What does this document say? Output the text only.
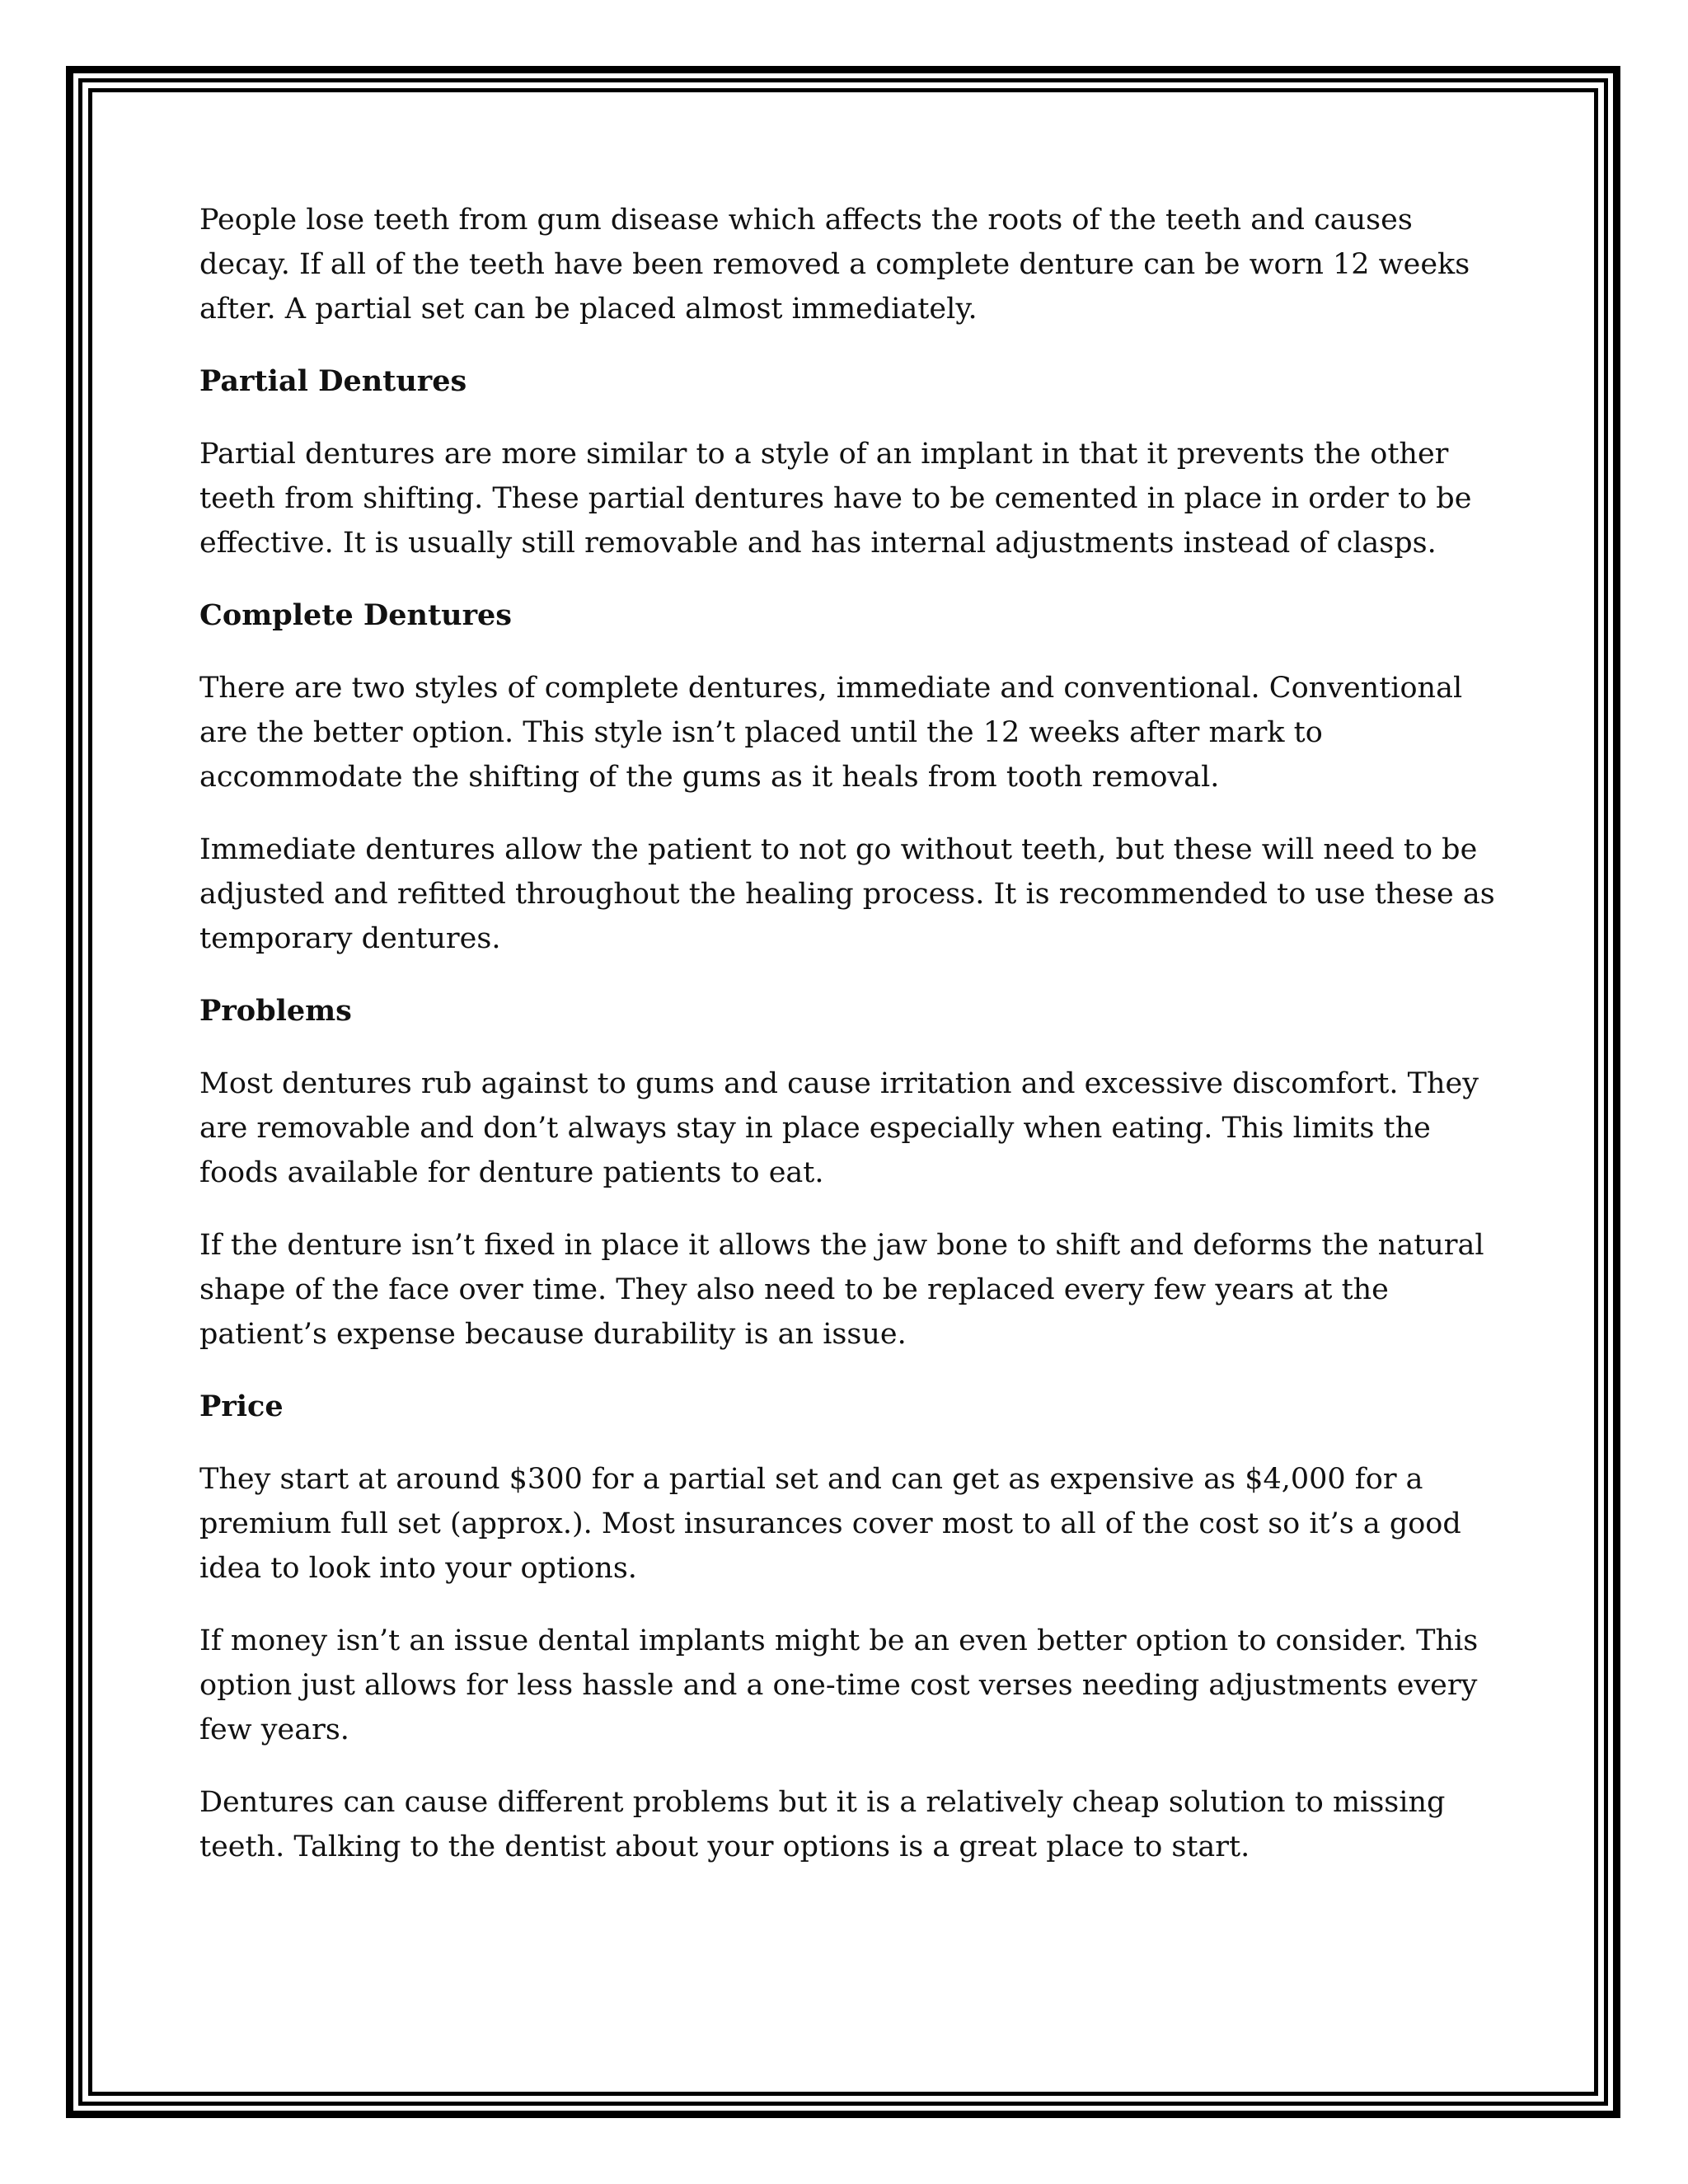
People lose teeth from gum disease which affects the roots of the teeth and causes decay. If all of the teeth have been removed a complete denture can be worn 12 weeks after. A partial set can be placed almost immediately.

Partial Dentures

Partial dentures are more similar to a style of an implant in that it prevents the other teeth from shifting. These partial dentures have to be cemented in place in order to be effective. It is usually still removable and has internal adjustments instead of clasps.

Complete Dentures

There are two styles of complete dentures, immediate and conventional. Conventional are the better option. This style isn’t placed until the 12 weeks after mark to accommodate the shifting of the gums as it heals from tooth removal.

Immediate dentures allow the patient to not go without teeth, but these will need to be adjusted and refitted throughout the healing process. It is recommended to use these as temporary dentures.

Problems

Most dentures rub against to gums and cause irritation and excessive discomfort. They are removable and don’t always stay in place especially when eating. This limits the foods available for denture patients to eat.

If the denture isn’t fixed in place it allows the jaw bone to shift and deforms the natural shape of the face over time. They also need to be replaced every few years at the patient’s expense because durability is an issue.

Price

They start at around $300 for a partial set and can get as expensive as $4,000 for a premium full set (approx.). Most insurances cover most to all of the cost so it’s a good idea to look into your options.

If money isn’t an issue dental implants might be an even better option to consider. This option just allows for less hassle and a one-time cost verses needing adjustments every few years.

Dentures can cause different problems but it is a relatively cheap solution to missing teeth. Talking to the dentist about your options is a great place to start.
